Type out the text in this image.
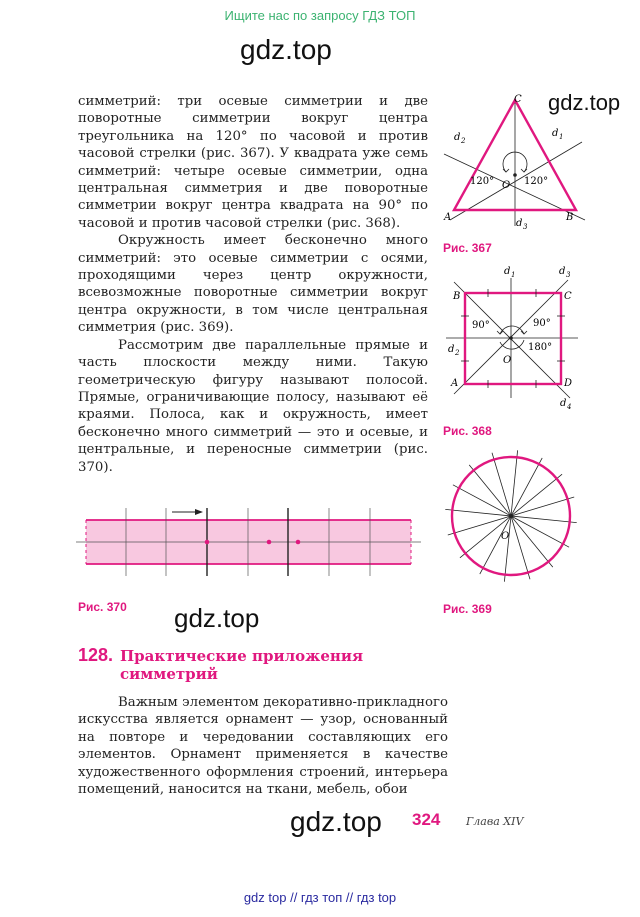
Ищите нас по запросу ГДЗ ТОП
gdz.top
gdz.top
gdz.top
gdz.top

симметрий: три осевые симметрии и две поворотные симметрии вокруг центра треугольника на 120° по часовой и против часовой стрелки (рис. 367). У квадрата уже семь симметрий: четыре осевые симметрии, одна центральная симметрия и две поворотные симметрии вокруг центра квадрата на 90° по часовой и против часовой стрелки (рис. 368).

Окружность имеет бесконечно много симметрий: это осевые симметрии с осями, проходящими через центр окружности, всевозможные поворотные симметрии вокруг центра окружности, в том числе центральная симметрия (рис. 369).

Рассмотрим две параллельные прямые и часть плоскости между ними. Такую геометрическую фигуру называют полосой. Прямые, ограничивающие полосу, называют её краями. Полоса, как и окружность, имеет бесконечно много симметрий — это и осевые, и центральные, и переносные симметрии (рис. 370).

C
A	B
O
120°	120°
d 2
d 1
d 3
Рис. 367
B	C
A	D
O
90°	90°
180°
d 1
d 2
d 3
d 4
Рис. 368
O
Рис. 369
Рис. 370
128. Практические приложения
симметрий

Важным элементом декоративно-прикладного искусства является орнамент — узор, основанный на повторе и чередовании составляющих его элементов. Орнамент применяется в качестве художественного оформления строений, интерьера помещений, наносится на ткани, мебель, обои

324 Глава XIV
gdz top // гдз топ // гдз top
